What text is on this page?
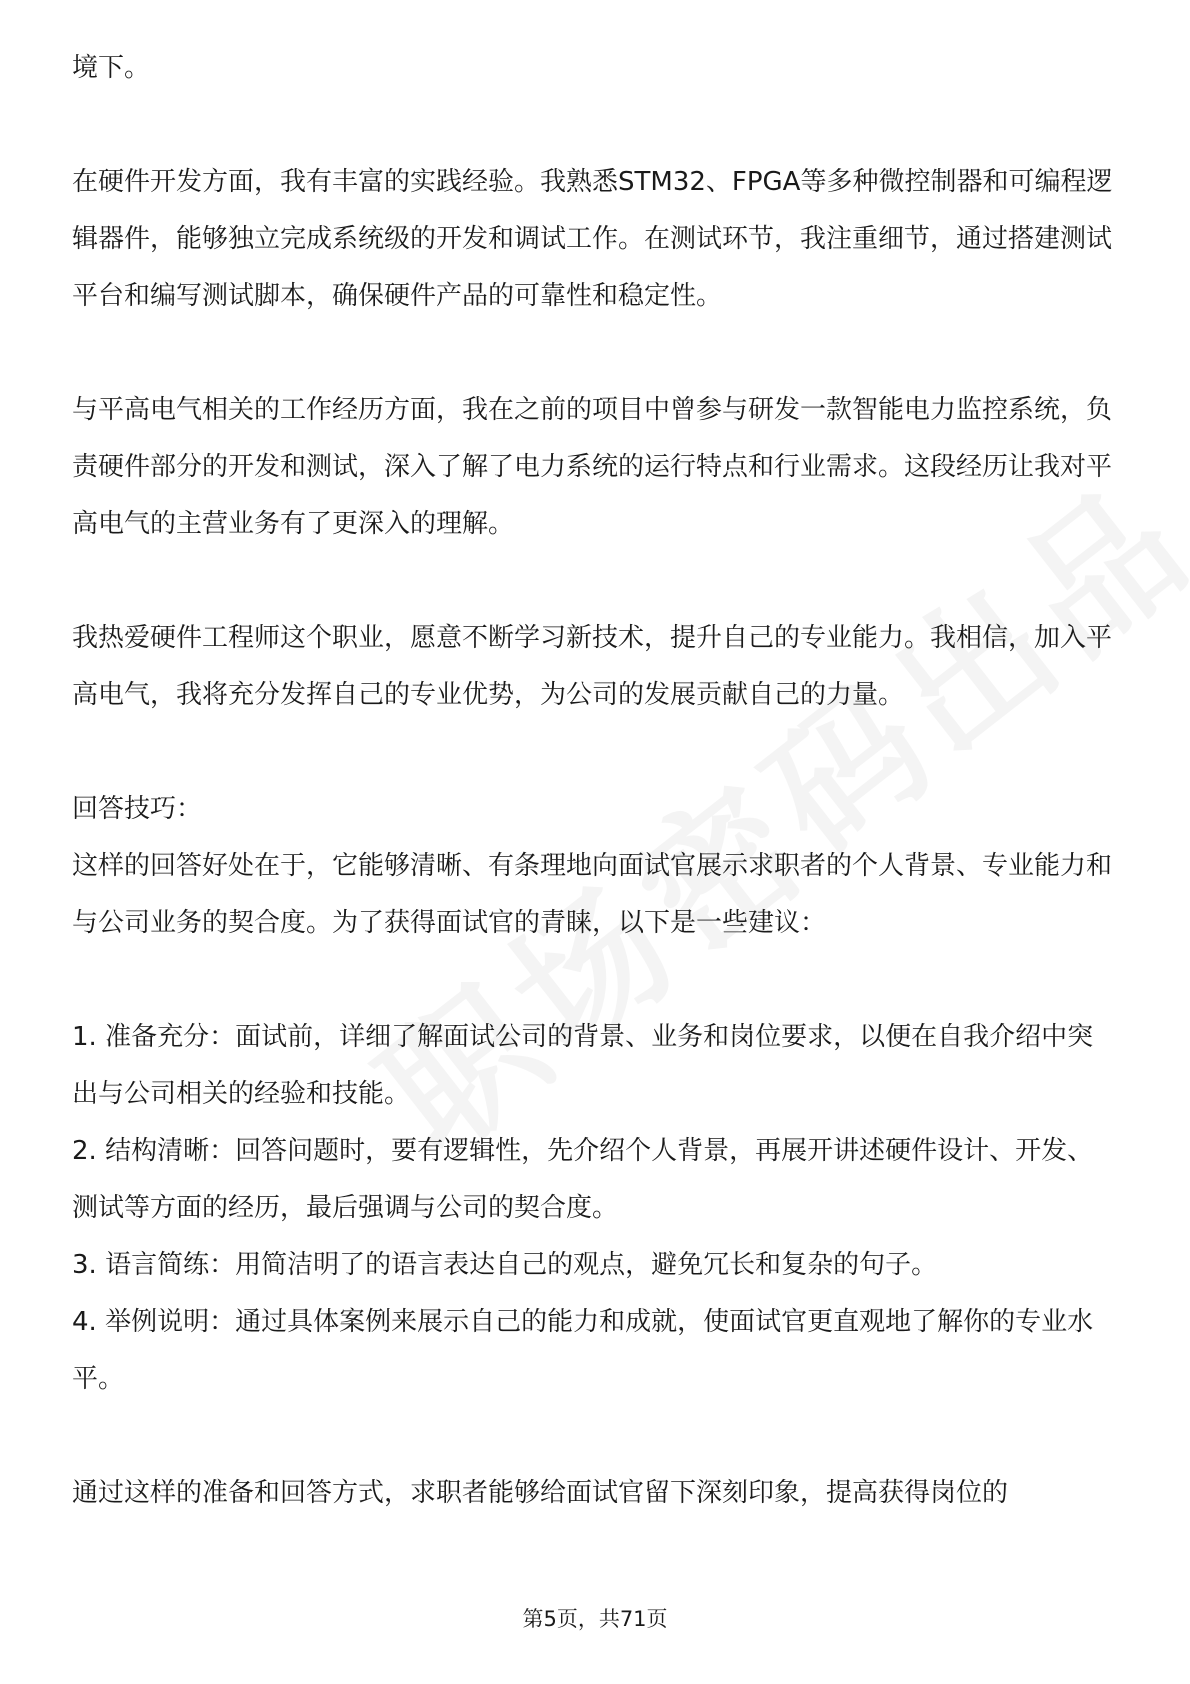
境下。

在硬件开发方面，我有丰富的实践经验。我熟悉STM32、FPGA等多种微控制器和可编程逻辑器件，能够独立完成系统级的开发和调试工作。在测试环节，我注重细节，通过搭建测试平台和编写测试脚本，确保硬件产品的可靠性和稳定性。

与平高电气相关的工作经历方面，我在之前的项目中曾参与研发一款智能电力监控系统，负责硬件部分的开发和测试，深入了解了电力系统的运行特点和行业需求。这段经历让我对平高电气的主营业务有了更深入的理解。

我热爱硬件工程师这个职业，愿意不断学习新技术，提升自己的专业能力。我相信，加入平高电气，我将充分发挥自己的专业优势，为公司的发展贡献自己的力量。

回答技巧：
这样的回答好处在于，它能够清晰、有条理地向面试官展示求职者的个人背景、专业能力和与公司业务的契合度。为了获得面试官的青睐，以下是一些建议：

1. 准备充分：面试前，详细了解面试公司的背景、业务和岗位要求，以便在自我介绍中突出与公司相关的经验和技能。
2. 结构清晰：回答问题时，要有逻辑性，先介绍个人背景，再展开讲述硬件设计、开发、测试等方面的经历，最后强调与公司的契合度。
3. 语言简练：用简洁明了的语言表达自己的观点，避免冗长和复杂的句子。
4. 举例说明：通过具体案例来展示自己的能力和成就，使面试官更直观地了解你的专业水平。

通过这样的准备和回答方式，求职者能够给面试官留下深刻印象，提高获得岗位的

第5页，共71页
